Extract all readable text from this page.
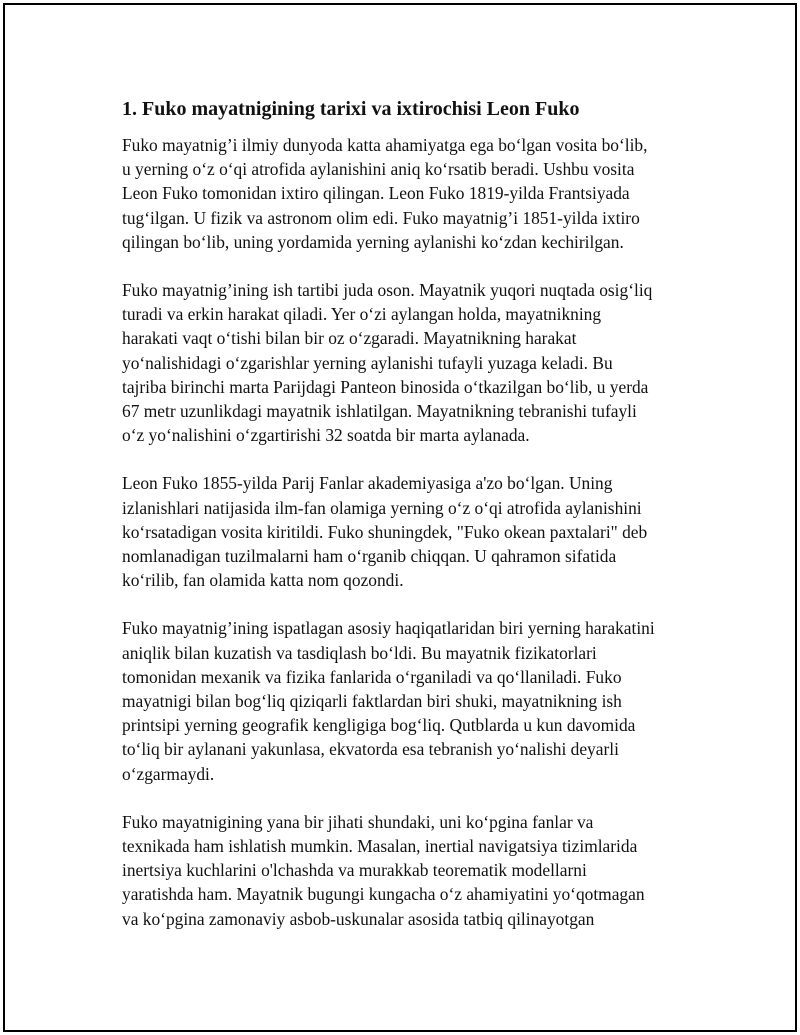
1. Fuko mayatnigining tarixi va ixtirochisi Leon Fuko

Fuko mayatnig’i ilmiy dunyoda katta ahamiyatga ega bo‘lgan vosita bo‘lib,
u yerning o‘z o‘qi atrofida aylanishini aniq ko‘rsatib beradi. Ushbu vosita
Leon Fuko tomonidan ixtiro qilingan. Leon Fuko 1819-yilda Frantsiyada
tug‘ilgan. U fizik va astronom olim edi. Fuko mayatnig’i 1851-yilda ixtiro
qilingan bo‘lib, uning yordamida yerning aylanishi ko‘zdan kechirilgan.

Fuko mayatnig’ining ish tartibi juda oson. Mayatnik yuqori nuqtada osig‘liq
turadi va erkin harakat qiladi. Yer o‘zi aylangan holda, mayatnikning
harakati vaqt o‘tishi bilan bir oz o‘zgaradi. Mayatnikning harakat
yo‘nalishidagi o‘zgarishlar yerning aylanishi tufayli yuzaga keladi. Bu
tajriba birinchi marta Parijdagi Panteon binosida o‘tkazilgan bo‘lib, u yerda
67 metr uzunlikdagi mayatnik ishlatilgan. Mayatnikning tebranishi tufayli
o‘z yo‘nalishini o‘zgartirishi 32 soatda bir marta aylanada.

Leon Fuko 1855-yilda Parij Fanlar akademiyasiga a'zo bo‘lgan. Uning
izlanishlari natijasida ilm-fan olamiga yerning o‘z o‘qi atrofida aylanishini
ko‘rsatadigan vosita kiritildi. Fuko shuningdek, "Fuko okean paxtalari" deb
nomlanadigan tuzilmalarni ham o‘rganib chiqqan. U qahramon sifatida
ko‘rilib, fan olamida katta nom qozondi.

Fuko mayatnig’ining ispatlagan asosiy haqiqatlaridan biri yerning harakatini
aniqlik bilan kuzatish va tasdiqlash bo‘ldi. Bu mayatnik fizikatorlari
tomonidan mexanik va fizika fanlarida o‘rganiladi va qo‘llaniladi. Fuko
mayatnigi bilan bog‘liq qiziqarli faktlardan biri shuki, mayatnikning ish
printsipi yerning geografik kengligiga bog‘liq. Qutblarda u kun davomida
to‘liq bir aylanani yakunlasa, ekvatorda esa tebranish yo‘nalishi deyarli
o‘zgarmaydi.

Fuko mayatnigining yana bir jihati shundaki, uni ko‘pgina fanlar va
texnikada ham ishlatish mumkin. Masalan, inertial navigatsiya tizimlarida
inertsiya kuchlarini o'lchashda va murakkab teorematik modellarni
yaratishda ham. Mayatnik bugungi kungacha o‘z ahamiyatini yo‘qotmagan
va ko‘pgina zamonaviy asbob-uskunalar asosida tatbiq qilinayotgan
